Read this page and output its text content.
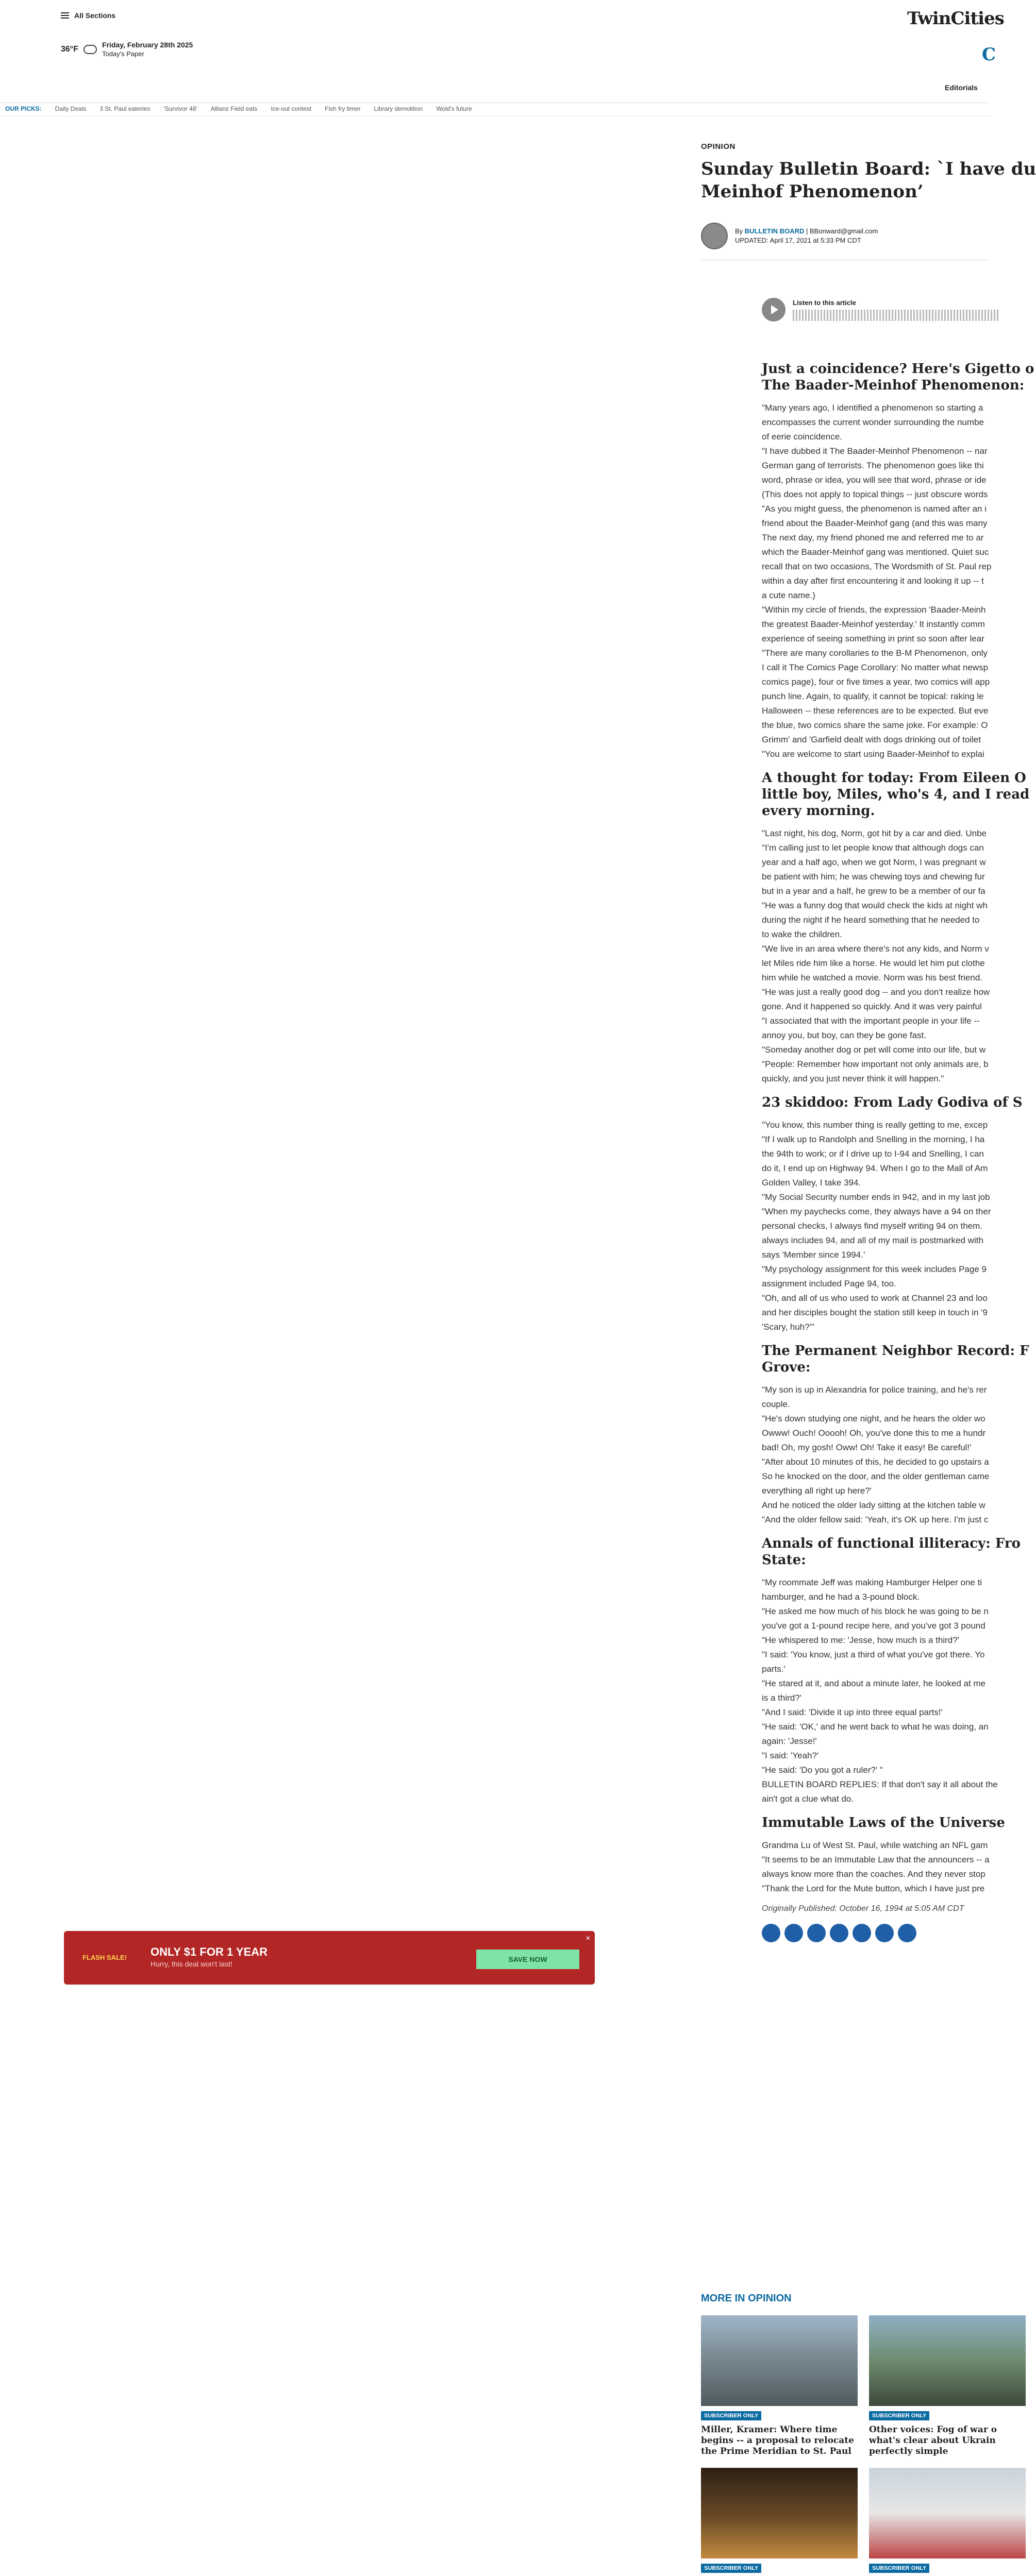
All Sections
36°F	Friday, February 28th 2025
Today's Paper
TwinCities
C
Editorials
OUR PICKS: Daily Deals 3 St. Paul eateries 'Survivor 48' Allianz Field eats Ice-out contest Fish fry timer Library demolition Wold's future
OPINION
Sunday Bulletin Board: `I have du
Meinhof Phenomenon’
By BULLETIN BOARD | BBonward@gmail.com
UPDATED: April 17, 2021 at 5:33 PM CDT
Listen to this article
Just a coincidence? Here's Gigetto o
The Baader-Meinhof Phenomenon:

"Many years ago, I identified a phenomenon so starting a

encompasses the current wonder surrounding the numbe

of eerie coincidence.

"I have dubbed it The Baader-Meinhof Phenomenon -- nar

German gang of terrorists. The phenomenon goes like thi

word, phrase or idea, you will see that word, phrase or ide

(This does not apply to topical things -- just obscure words

"As you might guess, the phenomenon is named after an i

friend about the Baader-Meinhof gang (and this was many

The next day, my friend phoned me and referred me to ar

which the Baader-Meinhof gang was mentioned. Quiet suc

recall that on two occasions, The Wordsmith of St. Paul rep

within a day after first encountering it and looking it up -- t

a cute name.)

"Within my circle of friends, the expression 'Baader-Meinh

the greatest Baader-Meinhof yesterday.' It instantly comm

experience of seeing something in print so soon after lear

"There are many corollaries to the B-M Phenomenon, only

I call it The Comics Page Corollary: No matter what newsp

comics page), four or five times a year, two comics will app

punch line. Again, to qualify, it cannot be topical: raking le

Halloween -- these references are to be expected. But eve

the blue, two comics share the same joke. For example: O

Grimm' and 'Garfield dealt with dogs drinking out of toilet

"You are welcome to start using Baader-Meinhof to explai

A thought for today: From Eileen O
little boy, Miles, who's 4, and I read
every morning.

"Last night, his dog, Norm, got hit by a car and died. Unbe

"I'm calling just to let people know that although dogs can

year and a half ago, when we got Norm, I was pregnant w

be patient with him; he was chewing toys and chewing fur

but in a year and a half, he grew to be a member of our fa

"He was a funny dog that would check the kids at night wh

during the night if he heard something that he needed to

to wake the children.

"We live in an area where there's not any kids, and Norm v

let Miles ride him like a horse. He would let him put clothe

him while he watched a movie. Norm was his best friend.

"He was just a really good dog -- and you don't realize how

gone. And it happened so quickly. And it was very painful

"I associated that with the important people in your life --

annoy you, but boy, can they be gone fast.

"Someday another dog or pet will come into our life, but w

"People: Remember how important not only animals are, b

quickly, and you just never think it will happen."

23 skiddoo: From Lady Godiva of S

"You know, this number thing is really getting to me, excep

"If I walk up to Randolph and Snelling in the morning, I ha

the 94th to work; or if I drive up to I-94 and Snelling, I can

do it, I end up on Highway 94. When I go to the Mall of Am

Golden Valley, I take 394.

"My Social Security number ends in 942, and in my last job

"When my paychecks come, they always have a 94 on ther

personal checks, I always find myself writing 94 on them.

always includes 94, and all of my mail is postmarked with

says 'Member since 1994.'

"My psychology assignment for this week includes Page 9

assignment included Page 94, too.

"Oh, and all of us who used to work at Channel 23 and loo

and her disciples bought the station still keep in touch in '9

'Scary, huh?'"

The Permanent Neighbor Record: F
Grove:

"My son is up in Alexandria for police training, and he's rer

couple.

"He's down studying one night, and he hears the older wo

Owww! Ouch! Ooooh! Oh, you've done this to me a hundr

bad! Oh, my gosh! Oww! Oh! Take it easy! Be careful!'

"After about 10 minutes of this, he decided to go upstairs a

So he knocked on the door, and the older gentleman came

everything all right up here?'

And he noticed the older lady sitting at the kitchen table w

"And the older fellow said: 'Yeah, it's OK up here. I'm just c

Annals of functional illiteracy: Fro
State:

"My roommate Jeff was making Hamburger Helper one ti

hamburger, and he had a 3-pound block.

"He asked me how much of his block he was going to be n

you've got a 1-pound recipe here, and you've got 3 pound

"He whispered to me: 'Jesse, how much is a third?'

"I said: 'You know, just a third of what you've got there. Yo

parts.'

"He stared at it, and about a minute later, he looked at me

is a third?'

"And I said: 'Divide it up into three equal parts!'

"He said: 'OK,' and he went back to what he was doing, an

again: 'Jesse!'

"I said: 'Yeah?'

"He said: 'Do you got a ruler?' "

BULLETIN BOARD REPLIES: If that don't say it all about the

ain't got a clue what do.

Immutable Laws of the Universe

Grandma Lu of West St. Paul, while watching an NFL gam

"It seems to be an Immutable Law that the announcers -- a

always know more than the coaches. And they never stop

"Thank the Lord for the Mute button, which I have just pre

Originally Published: October 16, 1994 at 5:05 AM CDT
FLASH SALE! ONLY $1 FOR 1 YEAR
Hurry, this deal won't last!
SAVE NOW
×
MORE IN OPINION
SUBSCRIBER ONLY
Miller, Kramer: Where time
begins -- a proposal to relocate
the Prime Meridian to St. Paul
SUBSCRIBER ONLY
Other voices: Fog of war o
what's clear about Ukrain
perfectly simple
SUBSCRIBER ONLY	SUBSCRIBER ONLY
